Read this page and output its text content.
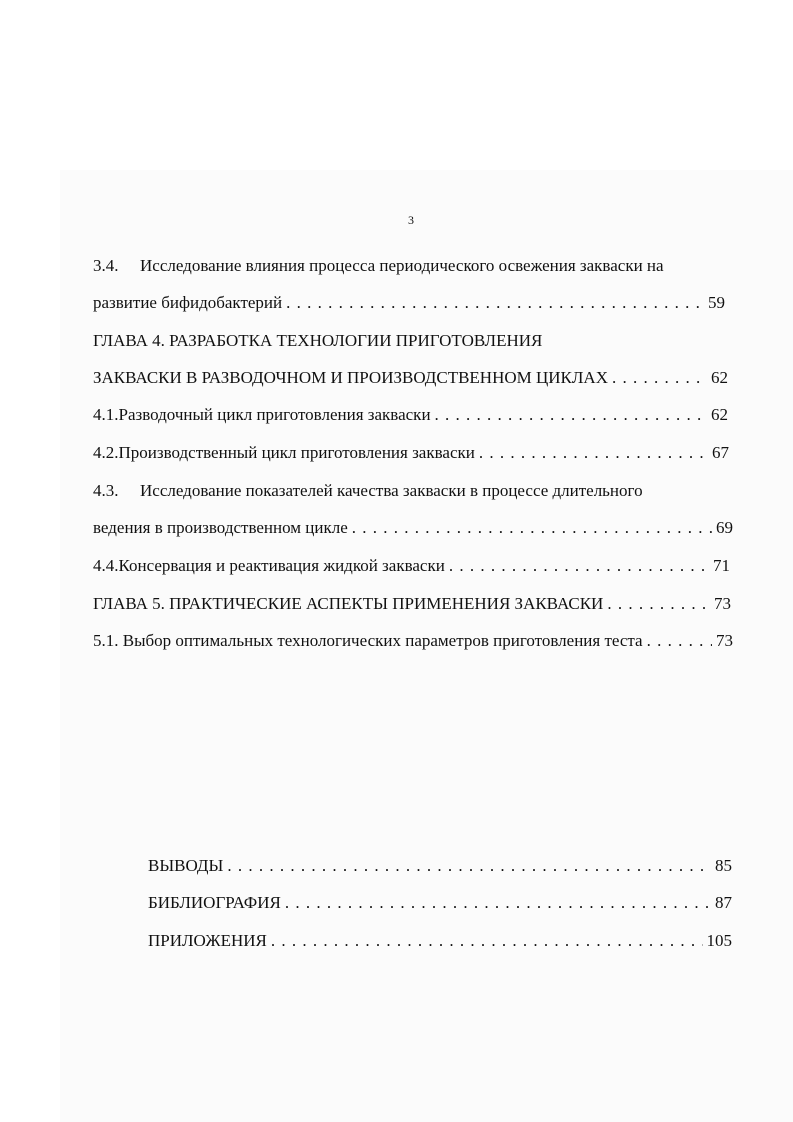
3
3.4.	Исследование влияния процесса периодического освежения закваски на
развитие бифидобактерий . . .	59
ГЛАВА 4. РАЗРАБОТКА ТЕХНОЛОГИИ ПРИГОТОВЛЕНИЯ
ЗАКВАСКИ В РАЗВОДОЧНОМ И ПРОИЗВОДСТВЕННОМ ЦИКЛАХ . . .	62
4.1. Разводочный цикл приготовления закваски . . .	62
4.2. Производственный цикл приготовления закваски . . .	67
4.3.	Исследование показателей качества закваски в процессе длительного
ведения в производственном цикле . . .	69
4.4. Консервация и реактивация жидкой закваски . . .	71
ГЛАВА 5. ПРАКТИЧЕСКИЕ АСПЕКТЫ ПРИМЕНЕНИЯ ЗАКВАСКИ . . .	73
5.1. Выбор оптимальных технологических параметров приготовления теста . . .	73
ВЫВОДЫ . . .	85
БИБЛИОГРАФИЯ . . .	87
ПРИЛОЖЕНИЯ . . .	105
